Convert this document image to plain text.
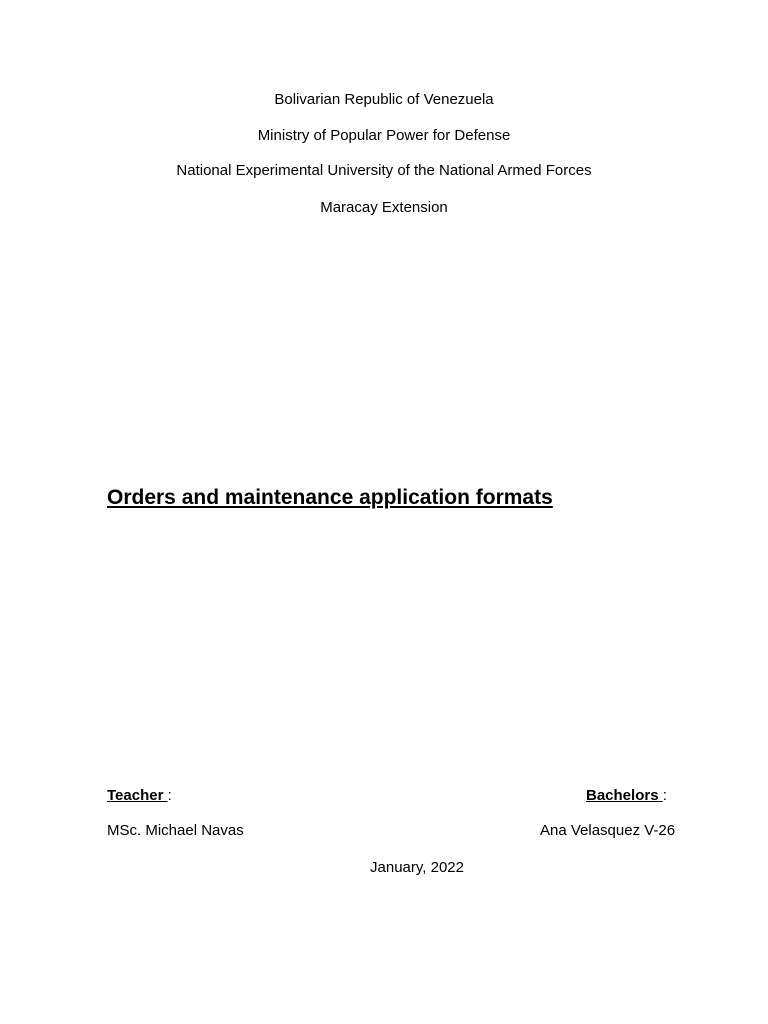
Bolivarian Republic of Venezuela
Ministry of Popular Power for Defense
National Experimental University of the National Armed Forces
Maracay Extension
Orders and maintenance application formats
Teacher :
MSc. Michael Navas
Bachelors :
Ana Velasquez V-26
January, 2022
